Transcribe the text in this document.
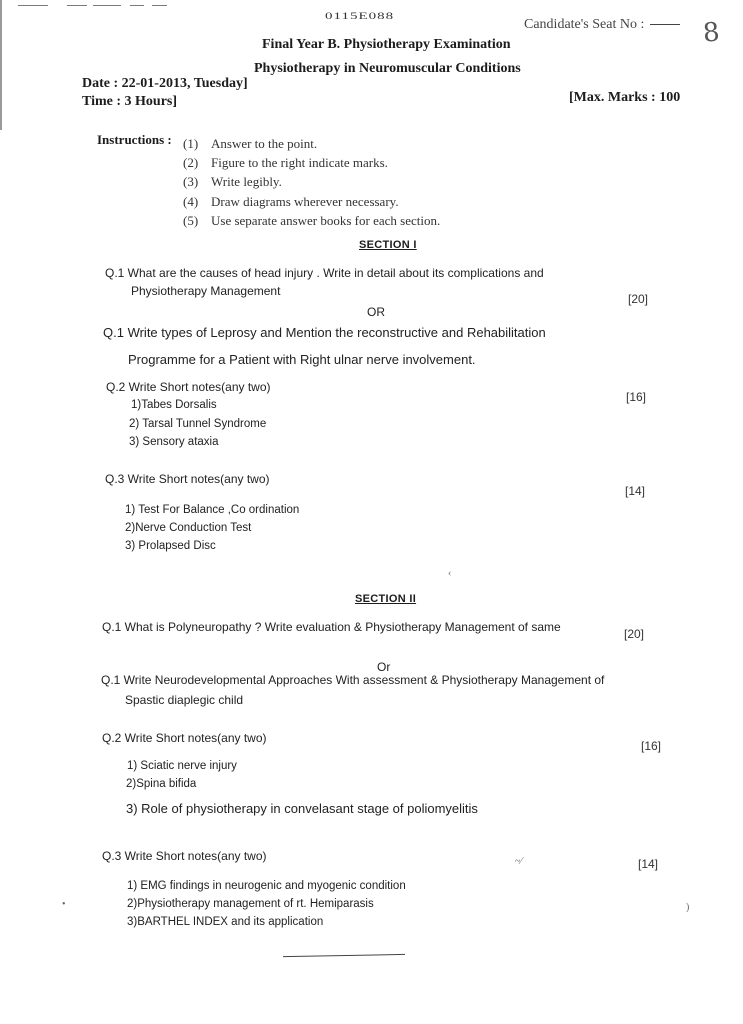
0115E088
Candidate's Seat No :	8
Final Year B. Physiotherapy Examination
Physiotherapy in Neuromuscular Conditions
Date : 22-01-2013, Tuesday]
Time : 3 Hours]	[Max. Marks : 100
Instructions : (1) Answer to the point.
(2) Figure to the right indicate marks.
(3) Write legibly.
(4) Draw diagrams wherever necessary.
(5) Use separate answer books for each section.
SECTION I
Q.1 What are the causes of head injury . Write in detail about its complications and
Physiotherapy Management
[20]
OR
Q.1 Write types of Leprosy and Mention the reconstructive and Rehabilitation
Programme for a Patient with Right ulnar nerve involvement.
Q.2 Write Short notes(any two)
[16]
1)Tabes Dorsalis
2) Tarsal Tunnel Syndrome
3) Sensory ataxia
Q.3 Write Short notes(any two)
[14]
1) Test For Balance ,Co ordination
2)Nerve Conduction Test
3) Prolapsed Disc
‹
SECTION II
Q.1 What is Polyneuropathy ? Write evaluation & Physiotherapy Management of same	[20]
Or
Q.1 Write Neurodevelopmental Approaches With assessment & Physiotherapy Management of
Spastic diaplegic child
Q.2 Write Short notes(any two)
[16]
1) Sciatic nerve injury
2)Spina bifida
3) Role of physiotherapy in convelasant stage of poliomyelitis
Q.3 Write Short notes(any two)	~⁄	[14]
1) EMG findings in neurogenic and myogenic condition
2)Physiotherapy management of rt. Hemiparasis
3)BARTHEL INDEX and its application
•	)
